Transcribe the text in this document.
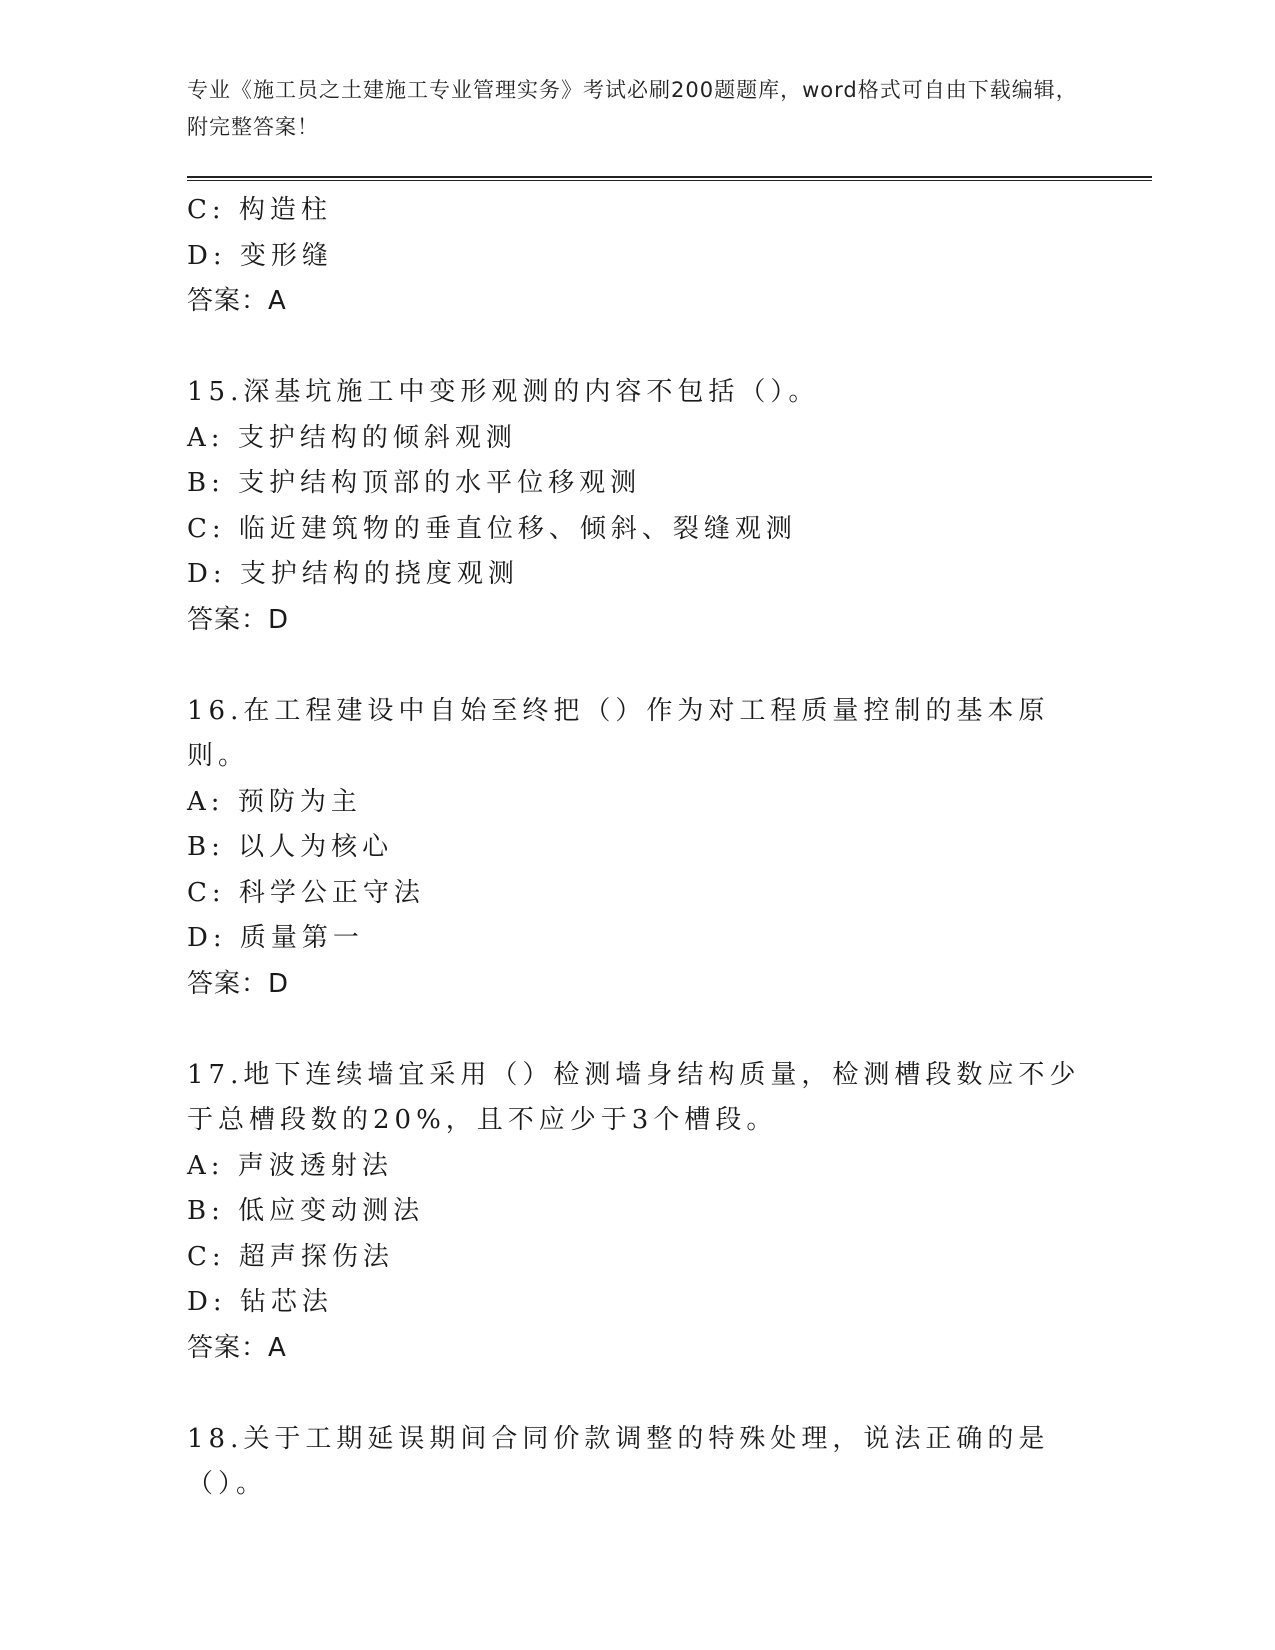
专业《施工员之土建施工专业管理实务》考试必刷200题题库，word格式可自由下载编辑，附完整答案！
C: 构造柱
D: 变形缝
答案：A
15.深基坑施工中变形观测的内容不包括（）。
A: 支护结构的倾斜观测
B: 支护结构顶部的水平位移观测
C: 临近建筑物的垂直位移、倾斜、裂缝观测
D: 支护结构的挠度观测
答案：D
16.在工程建设中自始至终把（）作为对工程质量控制的基本原则。
A: 预防为主
B: 以人为核心
C: 科学公正守法
D: 质量第一
答案：D
17.地下连续墙宜采用（）检测墙身结构质量，检测槽段数应不少于总槽段数的20%，且不应少于3个槽段。
A: 声波透射法
B: 低应变动测法
C: 超声探伤法
D: 钻芯法
答案：A
18.关于工期延误期间合同价款调整的特殊处理，说法正确的是（）。
